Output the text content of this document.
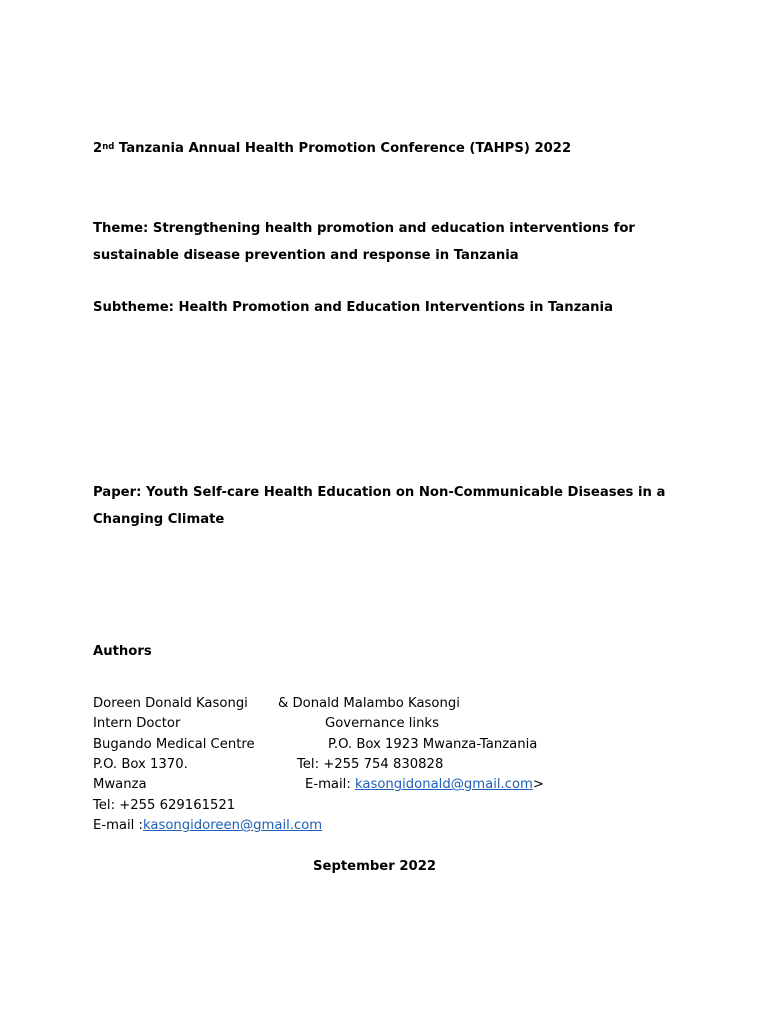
2nd Tanzania Annual Health Promotion Conference (TAHPS) 2022
Theme: Strengthening health promotion and education interventions for sustainable disease prevention and response in Tanzania
Subtheme: Health Promotion and Education Interventions in Tanzania
Paper: Youth Self-care Health Education on Non-Communicable Diseases in a Changing Climate
Authors
Doreen Donald Kasongi
Intern Doctor
Bugando Medical Centre
P.O. Box 1370.
Mwanza
Tel: +255 629161521
E-mail :kasongidoreen@gmail.com
& Donald Malambo Kasongi
Governance links
P.O. Box 1923 Mwanza-Tanzania
Tel: +255 754 830828
E-mail: kasongidonald@gmail.com>
September 2022
